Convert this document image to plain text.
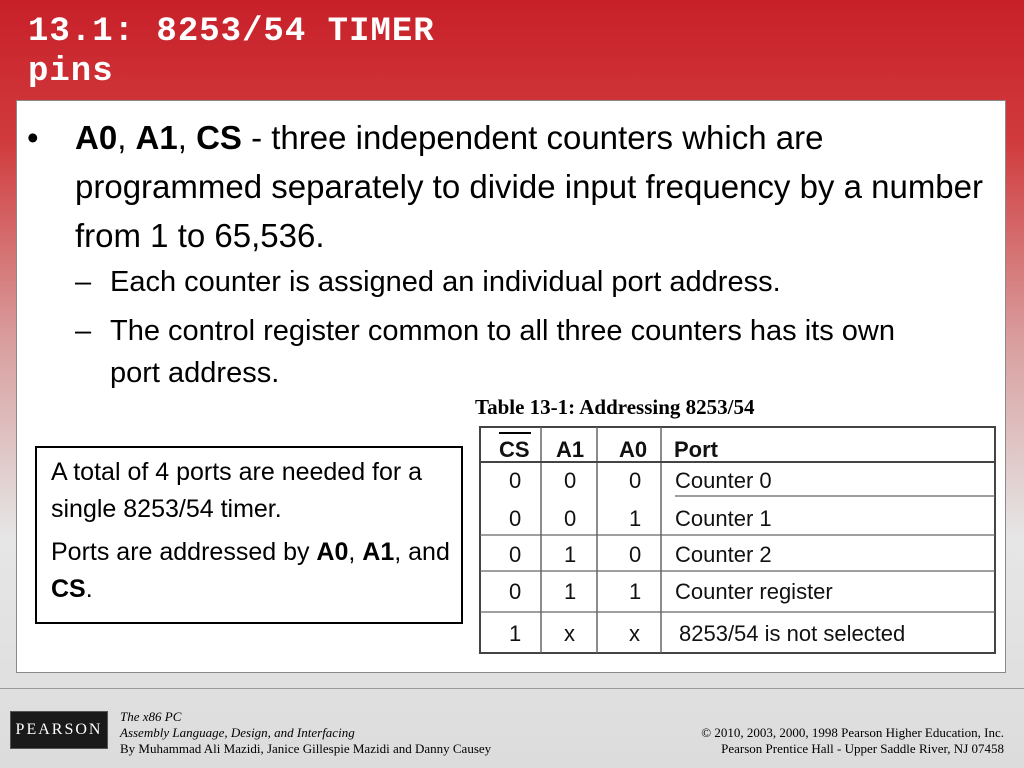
13.1: 8253/54 TIMER
pins
• A0, A1, CS - three independent counters which are programmed separately to divide input frequency by a number from 1 to 65,536.
– Each counter is assigned an individual port address.
– The control register common to all three counters has its own port address.

A total of 4 ports are needed for a single 8253/54 timer.

Ports are addressed by A0, A1, and CS.

Table 13-1: Addressing 8253/54
CS A1 A0 Port
0 0 0 Counter 0
0 0 1 Counter 1
0 1 0 Counter 2
0 1 1 Counter register
1 x x 8253/54 is not selected
PEARSON
The x86 PC
Assembly Language, Design, and Interfacing
By Muhammad Ali Mazidi, Janice Gillespie Mazidi and Danny Causey
© 2010, 2003, 2000, 1998 Pearson Higher Education, Inc.
Pearson Prentice Hall - Upper Saddle River, NJ 07458
